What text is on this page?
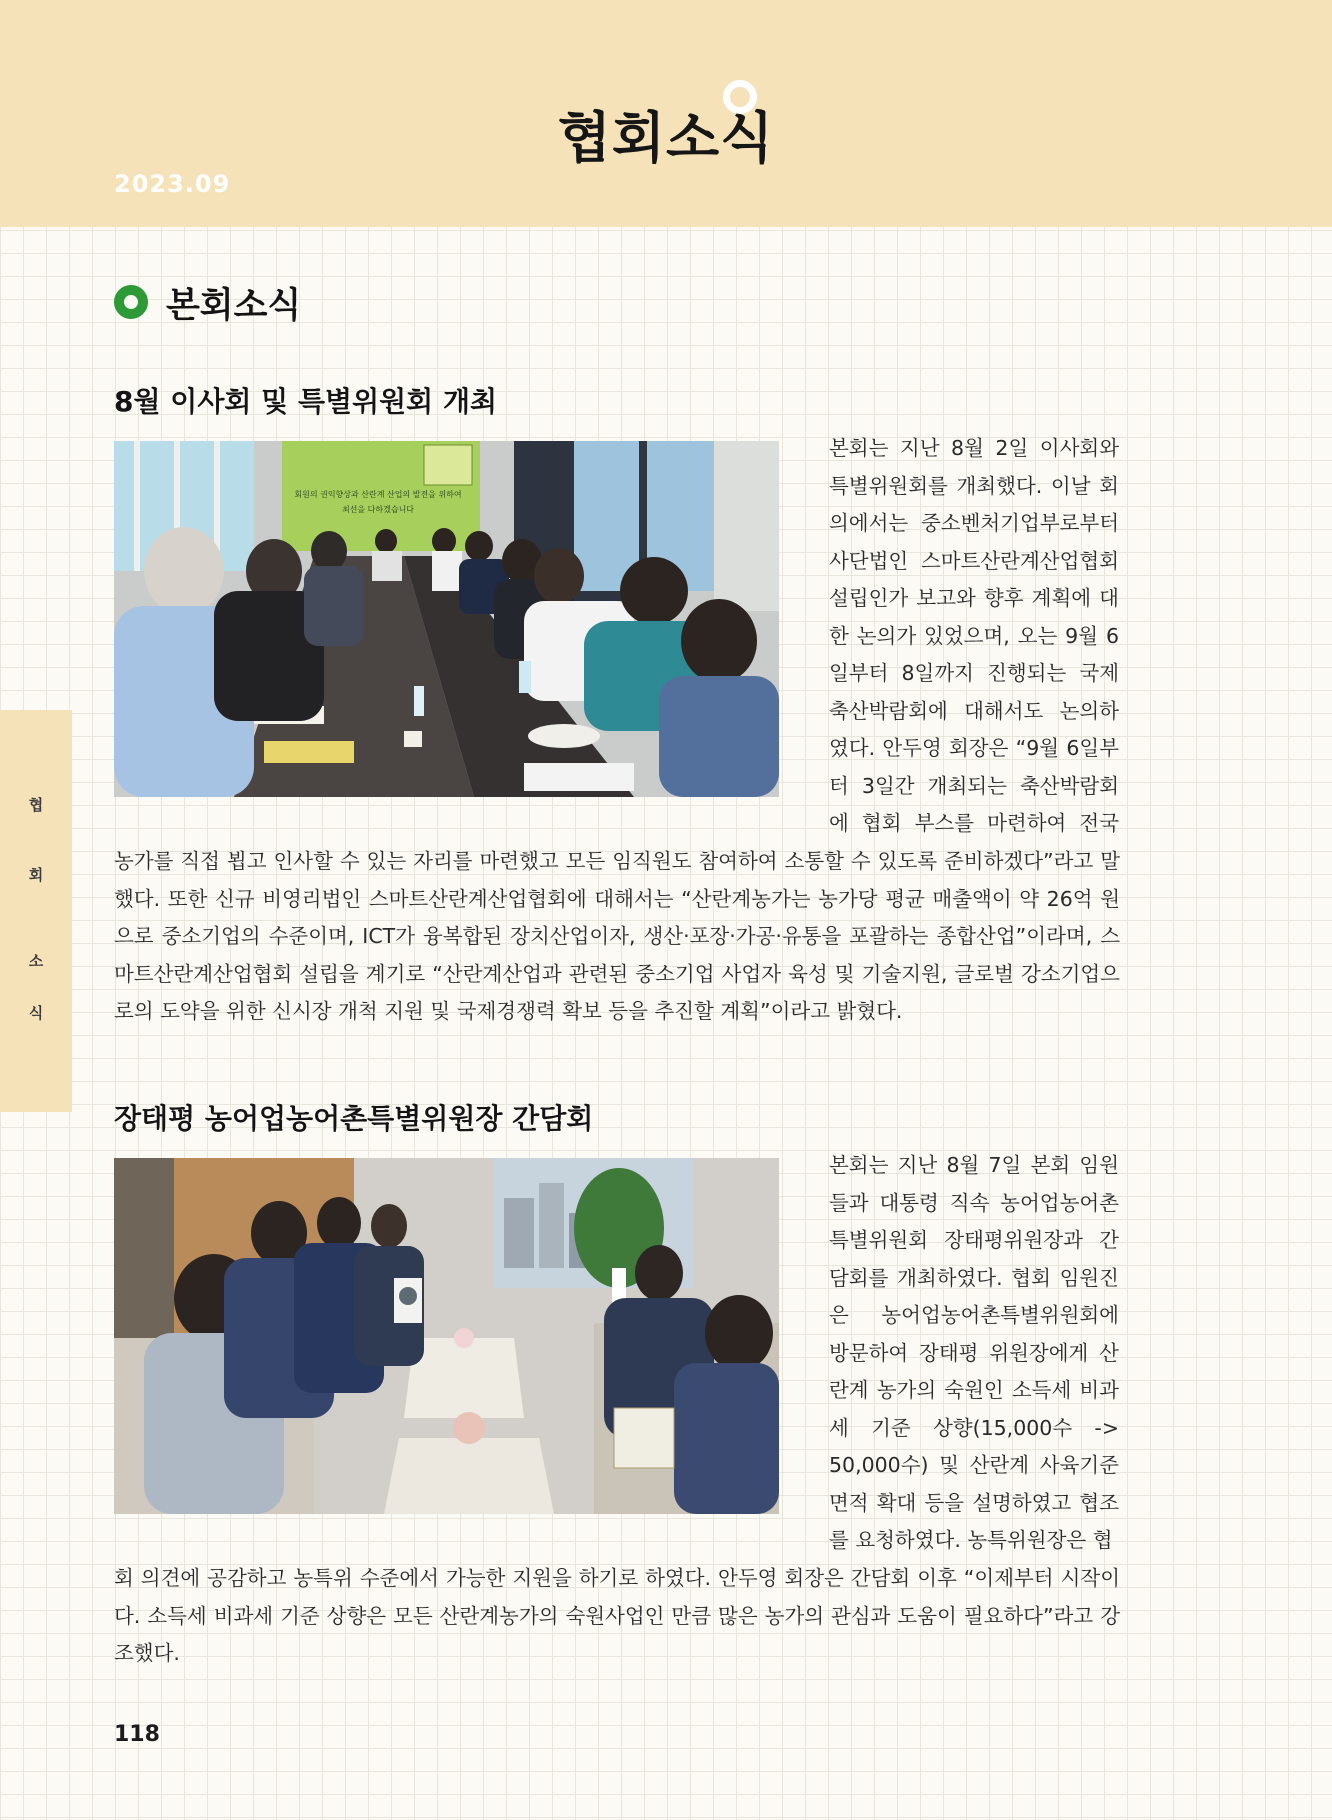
협회소식
2023.09
협
회
소
식
본회소식
8월 이사회 및 특별위원회 개최
회원의 권익향상과 산란계 산업의 발전을 위하여
최선을 다하겠습니다

본회는 지난 8월 2일 이사회와 특별위원회를 개최했다. 이날 회의에서는 중소벤처기업부로부터 사단법인 스마트산란계산업협회 설립인가 보고와 향후 계획에 대한 논의가 있었으며, 오는 9월 6일부터 8일까지 진행되는 국제축산박람회에 대해서도 논의하였다. 안두영 회장은 “9월 6일부터 3일간 개최되는 축산박람회에 협회 부스를 마련하여 전국

농가를 직접 뵙고 인사할 수 있는 자리를 마련했고 모든 임직원도 참여하여 소통할 수 있도록 준비하겠다”라고 말했다. 또한 신규 비영리법인 스마트산란계산업협회에 대해서는 “산란계농가는 농가당 평균 매출액이 약 26억 원으로 중소기업의 수준이며, ICT가 융복합된 장치산업이자, 생산·포장·가공·유통을 포괄하는 종합산업”이라며, 스마트산란계산업협회 설립을 계기로 “산란계산업과 관련된 중소기업 사업자 육성 및 기술지원, 글로벌 강소기업으로의 도약을 위한 신시장 개척 지원 및 국제경쟁력 확보 등을 추진할 계획”이라고 밝혔다.

장태평 농어업농어촌특별위원장 간담회

본회는 지난 8월 7일 본회 임원들과 대통령 직속 농어업농어촌특별위원회 장태평위원장과 간담회를 개최하였다. 협회 임원진은 농어업농어촌특별위원회에 방문하여 장태평 위원장에게 산란계 농가의 숙원인 소득세 비과세 기준 상향(15,000수 -> 50,000수) 및 산란계 사육기준 면적 확대 등을 설명하였고 협조를 요청하였다. 농특위원장은 협

회 의견에 공감하고 농특위 수준에서 가능한 지원을 하기로 하였다. 안두영 회장은 간담회 이후 “이제부터 시작이다. 소득세 비과세 기준 상향은 모든 산란계농가의 숙원사업인 만큼 많은 농가의 관심과 도움이 필요하다”라고 강조했다.

118
